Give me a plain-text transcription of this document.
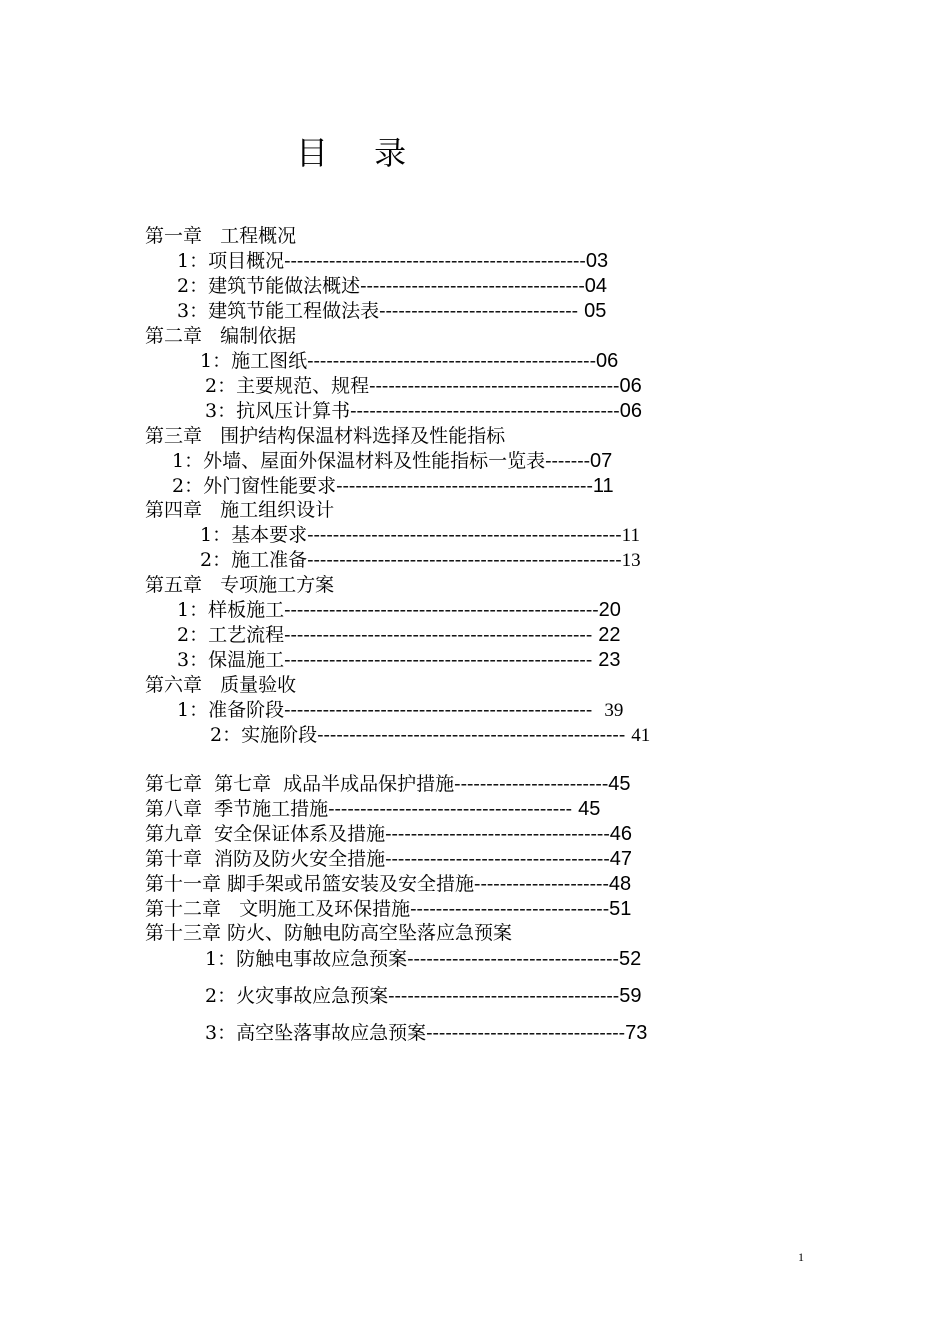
目 录
第一章   工程概况
1：项目概况-----------------------------------------------03
2：建筑节能做法概述-----------------------------------04
3：建筑节能工程做法表------------------------------- 05
第二章   编制依据
1：施工图纸---------------------------------------------06
2：主要规范、规程---------------------------------------06
3：抗风压计算书------------------------------------------06
第三章   围护结构保温材料选择及性能指标
1：外墙、屋面外保温材料及性能指标一览表-------07
2：外门窗性能要求----------------------------------------11
第四章   施工组织设计
1：基本要求-------------------------------------------------11
2：施工准备-------------------------------------------------13
第五章   专项施工方案
1：样板施工-------------------------------------------------20
2：工艺流程------------------------------------------------ 22
3：保温施工------------------------------------------------ 23
第六章   质量验收
1：准备阶段------------------------------------------------  39
2：实施阶段------------------------------------------------ 41
第七章  第七章  成品半成品保护措施------------------------45
第八章  季节施工措施-------------------------------------- 45
第九章  安全保证体系及措施-----------------------------------46
第十章  消防及防火安全措施-----------------------------------47
第十一章 脚手架或吊篮安装及安全措施---------------------48
第十二章   文明施工及环保措施-------------------------------51
第十三章 防火、防触电防高空坠落应急预案
1：防触电事故应急预案---------------------------------52
2：火灾事故应急预案------------------------------------59
3：高空坠落事故应急预案-------------------------------73
1
